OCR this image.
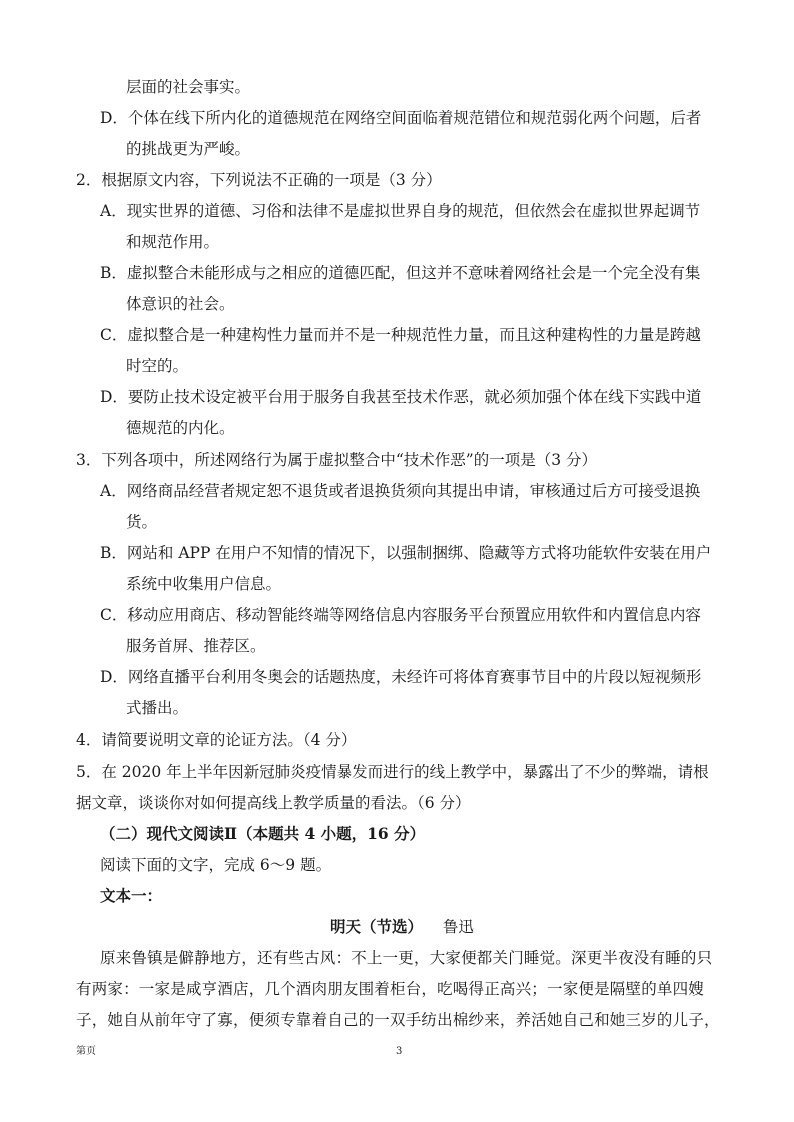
层面的社会事实。
D．个体在线下所内化的道德规范在网络空间面临着规范错位和规范弱化两个问题，后者
的挑战更为严峻。
2．根据原文内容，下列说法不正确的一项是（3 分）
A．现实世界的道德、习俗和法律不是虚拟世界自身的规范，但依然会在虚拟世界起调节
和规范作用。
B．虚拟整合未能形成与之相应的道德匹配，但这并不意味着网络社会是一个完全没有集
体意识的社会。
C．虚拟整合是一种建构性力量而并不是一种规范性力量，而且这种建构性的力量是跨越
时空的。
D．要防止技术设定被平台用于服务自我甚至技术作恶，就必须加强个体在线下实践中道
德规范的内化。
3．下列各项中，所述网络行为属于虚拟整合中“技术作恶”的一项是（3 分）
A．网络商品经营者规定恕不退货或者退换货须向其提出申请，审核通过后方可接受退换
货。
B．网站和 APP 在用户不知情的情况下，以强制捆绑、隐藏等方式将功能软件安装在用户
系统中收集用户信息。
C．移动应用商店、移动智能终端等网络信息内容服务平台预置应用软件和内置信息内容
服务首屏、推荐区。
D．网络直播平台利用冬奥会的话题热度，未经许可将体育赛事节目中的片段以短视频形
式播出。
4．请简要说明文章的论证方法。（4 分）
5．在 2020 年上半年因新冠肺炎疫情暴发而进行的线上教学中，暴露出了不少的弊端，请根
据文章，谈谈你对如何提高线上教学质量的看法。（6 分）
（二）现代文阅读Ⅱ（本题共 4 小题，16 分）
阅读下面的文字，完成 6～9 题。
文本一：
明天（节选） 鲁迅
原来鲁镇是僻静地方，还有些古风：不上一更，大家便都关门睡觉。深更半夜没有睡的只
有两家：一家是咸亨酒店，几个酒肉朋友围着柜台，吃喝得正高兴；一家便是隔壁的单四嫂
子，她自从前年守了寡，便须专靠着自己的一双手纺出棉纱来，养活她自己和她三岁的儿子，
第页	3
